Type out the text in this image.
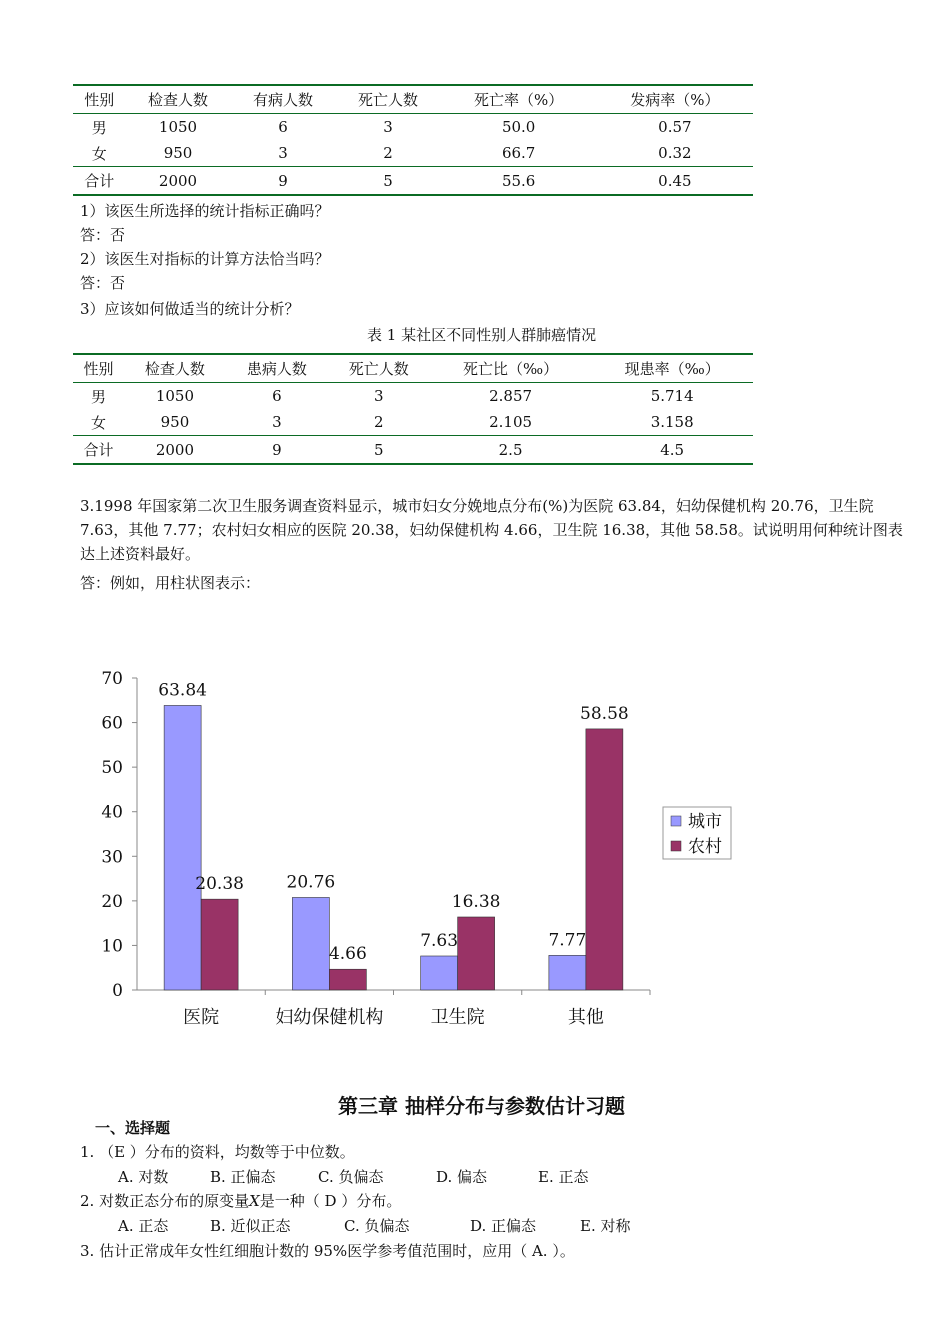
性别	检查人数	有病人数	死亡人数	死亡率（%）	发病率（%）
男	1050	6	3	50.0	0.57
女	950	3	2	66.7	0.32
合计	2000	9	5	55.6	0.45
1）该医生所选择的统计指标正确吗？
答：否
2）该医生对指标的计算方法恰当吗？
答：否
3）应该如何做适当的统计分析？
表 1 某社区不同性别人群肺癌情况
性别	检查人数	患病人数	死亡人数	死亡比（‰）	现患率（‰）
男	1050	6	3	2.857	5.714
女	950	3	2	2.105	3.158
合计	2000	9	5	2.5	4.5
3.1998 年国家第二次卫生服务调查资料显示，城市妇女分娩地点分布(%)为医院 63.84，妇幼保健机构 20.76，卫生院 7.63，其他 7.77；农村妇女相应的医院 20.38，妇幼保健机构 4.66，卫生院 16.38，其他 58.58。试说明用何种统计图表达上述资料最好。
答：例如，用柱状图表示：
0
10
20
30
40
50
60
70
63.84
20.38	20.76
4.66
7.63
16.38
7.77
58.58
医院	妇幼保健机构	卫生院	其他
城市
农村
第三章 抽样分布与参数估计习题
一、选择题
1. （E ）分布的资料，均数等于中位数。
A. 对数	B. 正偏态	C. 负偏态	D. 偏态	E. 正态
2. 对数正态分布的原变量X是一种（ D ）分布。
A. 正态	B. 近似正态	C. 负偏态	D. 正偏态	E. 对称
3. 估计正常成年女性红细胞计数的 95%医学参考值范围时，应用（ A. ）。
